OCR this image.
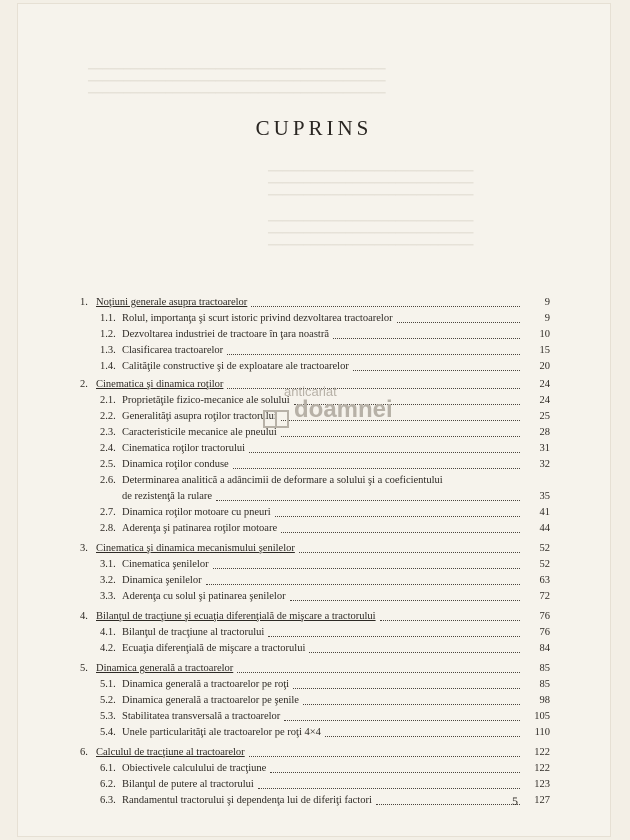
──────────────────────────────────────────
──────────────────────────────────────────
──────────────────────────────────────────

─────────────────────────────
─────────────────────────────
─────────────────────────────

─────────────────────────────
─────────────────────────────
─────────────────────────────
CUPRINS
1. Noţiuni generale asupra tractoarelor	9
1.1. Rolul, importanţa şi scurt istoric privind dezvoltarea tractoarelor	9
1.2. Dezvoltarea industriei de tractoare în ţara noastră	10
1.3. Clasificarea tractoarelor	15
1.4. Calităţile constructive şi de exploatare ale tractoarelor	20
2. Cinematica şi dinamica roţilor	24
2.1. Proprietăţile fizico-mecanice ale solului	24
2.2. Generalităţi asupra roţilor tractorului	25
2.3. Caracteristicile mecanice ale pneului	28
2.4. Cinematica roţilor tractorului	31
2.5. Dinamica roţilor conduse	32
2.6. Determinarea analitică a adâncimii de deformare a solului şi a coeficientului
de rezistenţă la rulare	35
2.7. Dinamica roţilor motoare cu pneuri	41
2.8. Aderenţa şi patinarea roţilor motoare	44
3. Cinematica şi dinamica mecanismului şenilelor	52
3.1. Cinematica şenilelor	52
3.2. Dinamica şenilelor	63
3.3. Aderenţa cu solul şi patinarea şenilelor	72
4. Bilanţul de tracţiune şi ecuaţia diferenţială de mişcare a tractorului	76
4.1. Bilanţul de tracţiune al tractorului	76
4.2. Ecuaţia diferenţială de mişcare a tractorului	84
5. Dinamica generală a tractoarelor	85
5.1. Dinamica generală a tractoarelor pe roţi	85
5.2. Dinamica generală a tractoarelor pe şenile	98
5.3. Stabilitatea transversală a tractoarelor	105
5.4. Unele particularităţi ale tractoarelor pe roţi 4×4	110
6. Calculul de tracţiune al tractoarelor	122
6.1. Obiectivele calculului de tracţiune	122
6.2. Bilanţul de putere al tractorului	123
6.3. Randamentul tractorului şi dependenţa lui de diferiţi factori	127
anticariat
doamnei
5
